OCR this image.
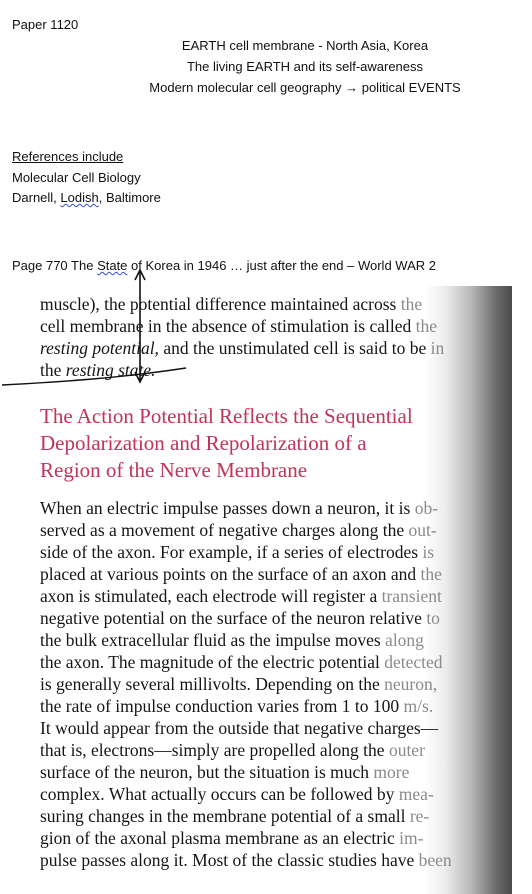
Paper 1120
EARTH cell membrane - North Asia, Korea
The living EARTH and its self-awareness
Modern molecular cell geography → political EVENTS
References include
Molecular Cell Biology
Darnell, Lodish, Baltimore
Page 770 The State of Korea in 1946 … just after the end – World WAR 2
muscle), the potential difference maintained across the
cell membrane in the absence of stimulation is called the
resting potential, and the unstimulated cell is said to be in
the resting state.
The Action Potential Reflects the Sequential
Depolarization and Repolarization of a
Region of the Nerve Membrane
When an electric impulse passes down a neuron, it is ob-
served as a movement of negative charges along the out-
side of the axon. For example, if a series of electrodes is
placed at various points on the surface of an axon and the
axon is stimulated, each electrode will register a transient
negative potential on the surface of the neuron relative to
the bulk extracellular fluid as the impulse moves along
the axon. The magnitude of the electric potential detected
is generally several millivolts. Depending on the neuron,
the rate of impulse conduction varies from 1 to 100 m/s.
It would appear from the outside that negative charges—
that is, electrons—simply are propelled along the outer
surface of the neuron, but the situation is much more
complex. What actually occurs can be followed by mea-
suring changes in the membrane potential of a small re-
gion of the axonal plasma membrane as an electric im-
pulse passes along it. Most of the classic studies have been
